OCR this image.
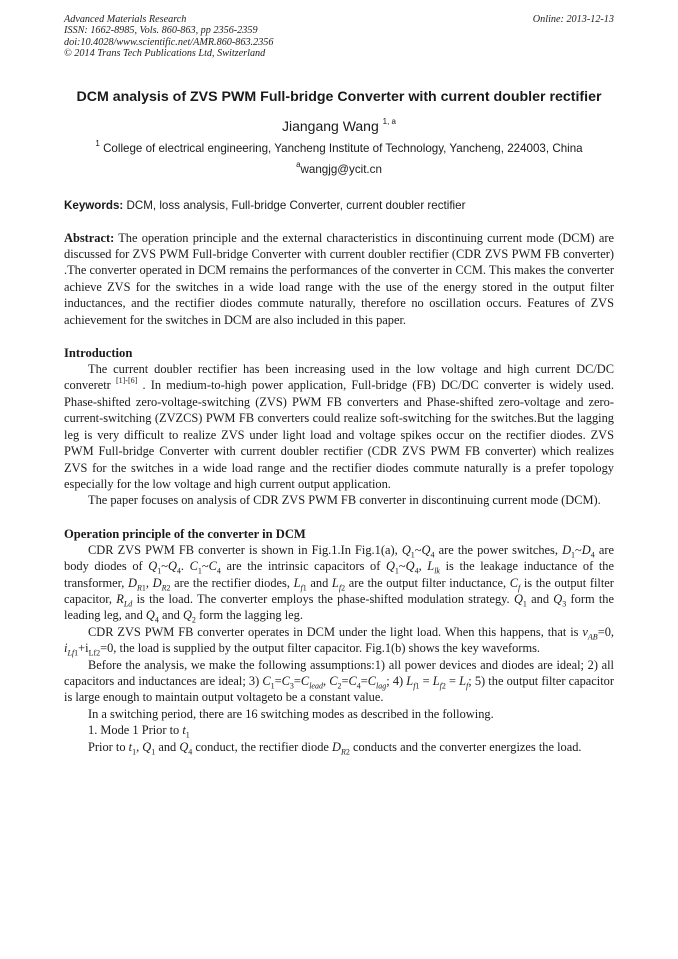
Advanced Materials Research
ISSN: 1662-8985, Vols. 860-863, pp 2356-2359
doi:10.4028/www.scientific.net/AMR.860-863.2356
© 2014 Trans Tech Publications Ltd, Switzerland
Online: 2013-12-13
DCM analysis of ZVS PWM Full-bridge Converter with current doubler rectifier
Jiangang Wang $^{1, a}$
$^1$ College of electrical engineering, Yancheng Institute of Technology, Yancheng, 224003, China
$^a$wangjg@ycit.cn
Keywords: DCM, loss analysis, Full-bridge Converter, current doubler rectifier
Abstract: The operation principle and the external characteristics in discontinuing current mode (DCM) are discussed for ZVS PWM Full-bridge Converter with current doubler rectifier (CDR ZVS PWM FB converter) .The converter operated in DCM remains the performances of the converter in CCM. This makes the converter achieve ZVS for the switches in a wide load range with the use of the energy stored in the output filter inductances, and the rectifier diodes commute naturally, therefore no oscillation occurs. Features of ZVS achievement for the switches in DCM are also included in this paper.
Introduction

The current doubler rectifier has been increasing used in the low voltage and high current DC/DC converetr [1]-[6] . In medium-to-high power application, Full-bridge (FB) DC/DC converter is widely used. Phase-shifted zero-voltage-switching (ZVS) PWM FB converters and Phase-shifted zero-voltage and zero-current-switching (ZVZCS) PWM FB converters could realize soft-switching for the switches.But the lagging leg is very difficult to realize ZVS under light load and voltage spikes occur on the rectifier diodes. ZVS PWM Full-bridge Converter with current doubler rectifier (CDR ZVS PWM FB converter) which realizes ZVS for the switches in a wide load range and the rectifier diodes commute naturally is a prefer topology especially for the low voltage and high current output application.

The paper focuses on analysis of CDR ZVS PWM FB converter in discontinuing current mode (DCM).

Operation principle of the converter in DCM

CDR ZVS PWM FB converter is shown in Fig.1.In Fig.1(a), $Q_1\sim Q_4$ are the power switches, $D_1\sim D_4$ are body diodes of $Q_1\sim Q_4$. $C_1\sim C_4$ are the intrinsic capacitors of $Q_1\sim Q_4$, $L_{lk}$ is the leakage inductance of the transformer, $D_{R1}$, $D_{R2}$ are the rectifier diodes, $L_{f1}$ and $L_{f2}$ are the output filter inductance, $C_f$ is the output filter capacitor, $R_{Ld}$ is the load. The converter employs the phase-shifted modulation strategy. $Q_1$ and $Q_3$ form the leading leg, and $Q_4$ and $Q_2$ form the lagging leg.

CDR ZVS PWM FB converter operates in DCM under the light load. When this happens, that is $v_{AB}=0$, $i_{Lf1}+i_{Lf2}=0$, the load is supplied by the output filter capacitor. Fig.1(b) shows the key waveforms.

Before the analysis, we make the following assumptions:1) all power devices and diodes are ideal; 2) all capacitors and inductances are ideal; 3) $C_1=C_3=C_{lead}$, $C_2=C_4=C_{lag}$; 4) $L_{f1} = L_{f2} = L_f$; 5) the output filter capacitor is large enough to maintain output voltageto be a constant value.

In a switching period, there are 16 switching modes as described in the following.

1. Mode 1 Prior to $t_1$

Prior to $t_1$, $Q_1$ and $Q_4$ conduct, the rectifier diode $D_{R2}$ conducts and the converter energizes the load.
